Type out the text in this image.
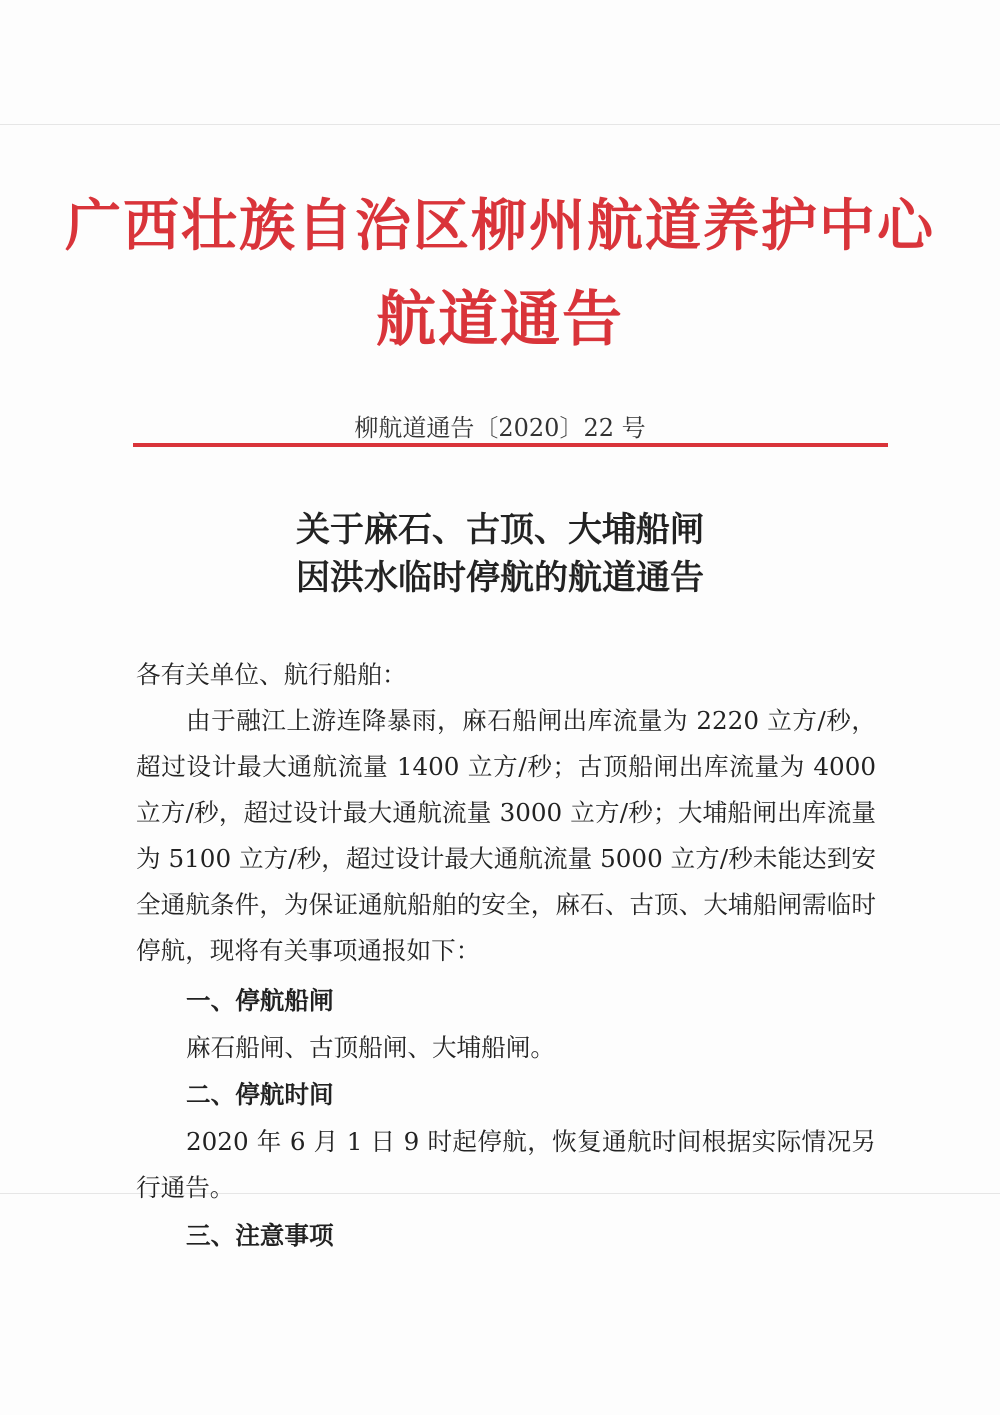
广西壮族自治区柳州航道养护中心
航道通告
柳航道通告〔2020〕22 号
关于麻石、古顶、大埔船闸
因洪水临时停航的航道通告

各有关单位、航行船舶：

由于融江上游连降暴雨，麻石船闸出库流量为 2220 立方/秒，超过设计最大通航流量 1400 立方/秒；古顶船闸出库流量为 4000 立方/秒，超过设计最大通航流量 3000 立方/秒；大埔船闸出库流量为 5100 立方/秒，超过设计最大通航流量 5000 立方/秒未能达到安全通航条件，为保证通航船舶的安全，麻石、古顶、大埔船闸需临时停航，现将有关事项通报如下：

一、停航船闸

麻石船闸、古顶船闸、大埔船闸。

二、停航时间

2020 年 6 月 1 日 9 时起停航，恢复通航时间根据实际情况另行通告。

三、注意事项
